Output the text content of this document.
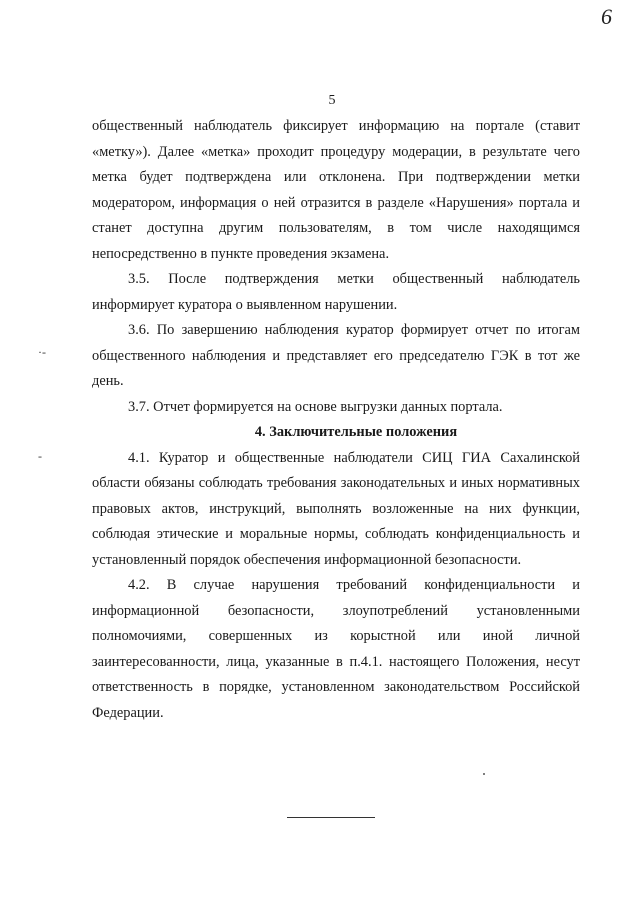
6
5
·‐
‐

общественный наблюдатель фиксирует информацию на портале (ставит «метку»). Далее «метка» проходит процедуру модерации, в результате чего метка будет подтверждена или отклонена. При подтверждении метки модератором, информация о ней отразится в разделе «Нарушения» портала и станет доступна другим пользователям, в том числе находящимся непосредственно в пункте проведения экзамена.

3.5. После подтверждения метки общественный наблюдатель информирует куратора о выявленном нарушении.

3.6. По завершению наблюдения куратор формирует отчет по итогам общественного наблюдения и представляет его председателю ГЭК в тот же день.

3.7. Отчет формируется на основе выгрузки данных портала.

4. Заключительные положения

4.1. Куратор и общественные наблюдатели СИЦ ГИА Сахалинской области обязаны соблюдать требования законодательных и иных нормативных правовых актов, инструкций, выполнять возложенные на них функции, соблюдая этические и моральные нормы, соблюдать конфиденциальность и установленный порядок обеспечения информационной безопасности.

4.2. В случае нарушения требований конфиденциальности и информационной безопасности, злоупотреблений установленными полномочиями, совершенных из корыстной или иной личной заинтересованности, лица, указанные в п.4.1. настоящего Положения, несут ответственность в порядке, установленном законодательством Российской Федерации.
